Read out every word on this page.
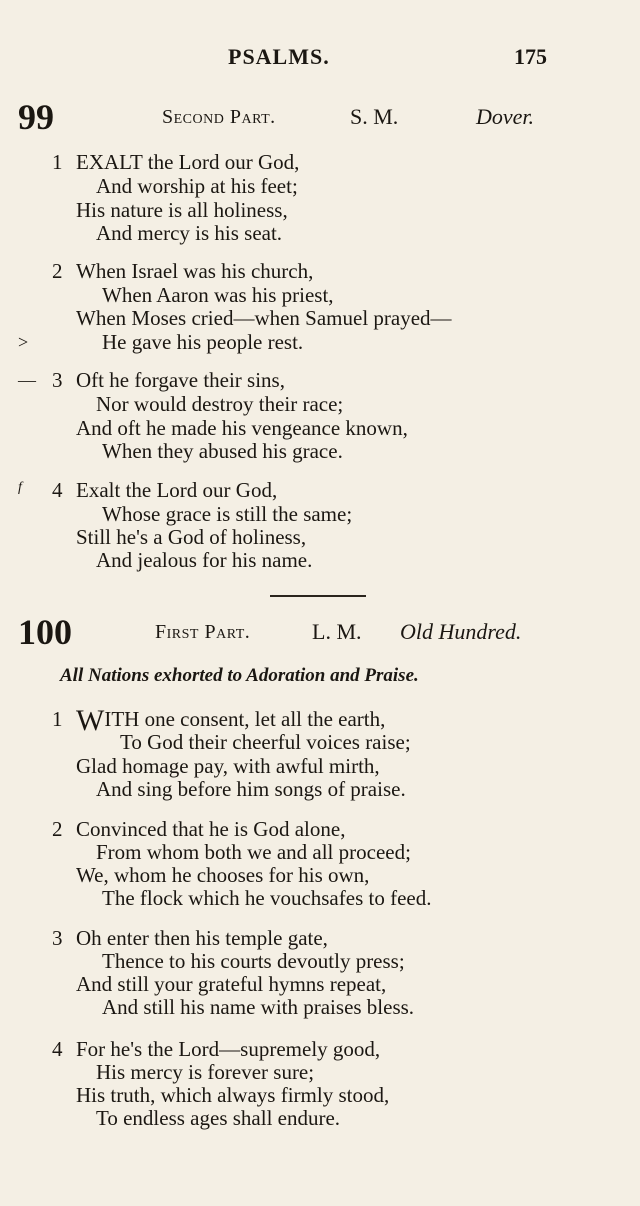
PSALMS.	175
99	Second Part.	S. M.	Dover.
1 EXALT the Lord our God,
And worship at his feet;
His nature is all holiness,
And mercy is his seat.
2 When Israel was his church,
When Aaron was his priest,
When Moses cried—when Samuel prayed—
>	He gave his people rest.
— 3 Oft he forgave their sins,
Nor would destroy their race;
And oft he made his vengeance known,
When they abused his grace.
f 4 Exalt the Lord our God,
Whose grace is still the same;
Still he's a God of holiness,
And jealous for his name.
100	First Part.	L. M. Old Hundred.
All Nations exhorted to Adoration and Praise.
1 WITH one consent, let all the earth,
To God their cheerful voices raise;
Glad homage pay, with awful mirth,
And sing before him songs of praise.
2 Convinced that he is God alone,
From whom both we and all proceed;
We, whom he chooses for his own,
The flock which he vouchsafes to feed.
3 Oh enter then his temple gate,
Thence to his courts devoutly press;
And still your grateful hymns repeat,
And still his name with praises bless.
4 For he's the Lord—supremely good,
His mercy is forever sure;
His truth, which always firmly stood,
To endless ages shall endure.
